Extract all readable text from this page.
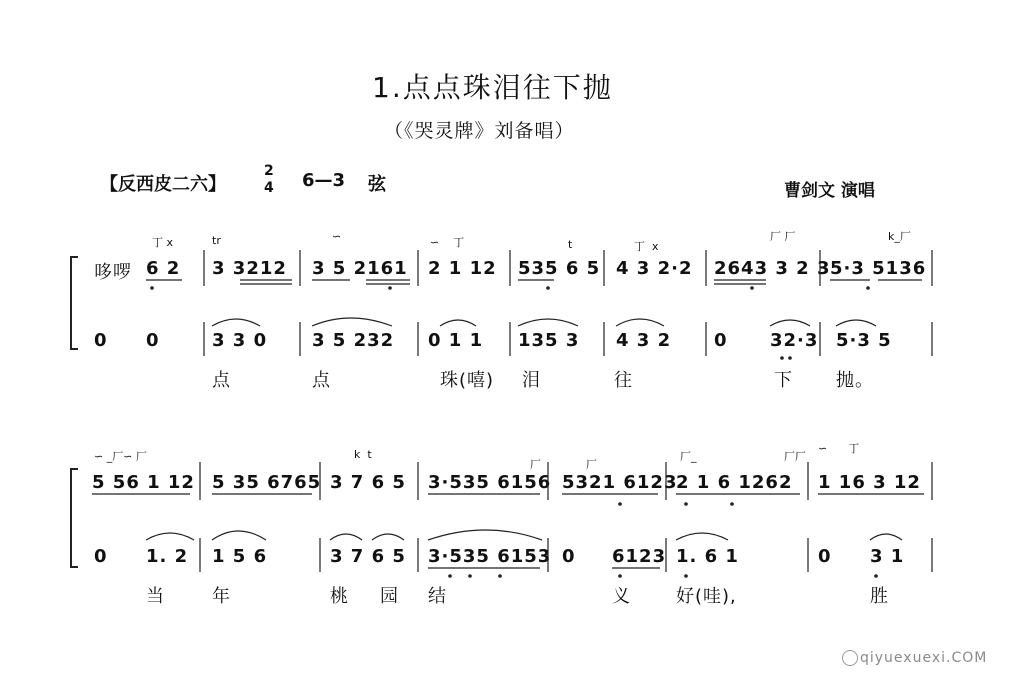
1.点点珠泪往下抛
（《哭灵牌》刘备唱）
【反西皮二六】
2
4 6—3 弦	曹剑文 演唱
哆啰 6 2 3 3212 3 5 2161 2 1 12 535 6 5 4 3 2·2 2643 3 2 3 5·3 5136
0 0	3 3 0 3 5 232 0 1 1 135 3 4 3 2 0 32·3 5·3 5
点	点	珠(嘻) 泪	往	下 抛。
5 56 1 12 5 35 6765 3 7 6 5 3·535 6156 5321 6123
2 1 6 1262 1 16 3 12
0 1. 2 1 5 6	3 7 6 5 3·535 6153 0 6123 1. 6 1	0 3 1
当	年	桃 园 结	义	好(哇),	胜
丁 x	tr	∽	∽    丁	t	丁  x
厂 厂	k_厂
∽ _厂∽ 厂	k  t
厂	厂
厂_	厂厂
∽      丁
qiyuexuexi.COM
